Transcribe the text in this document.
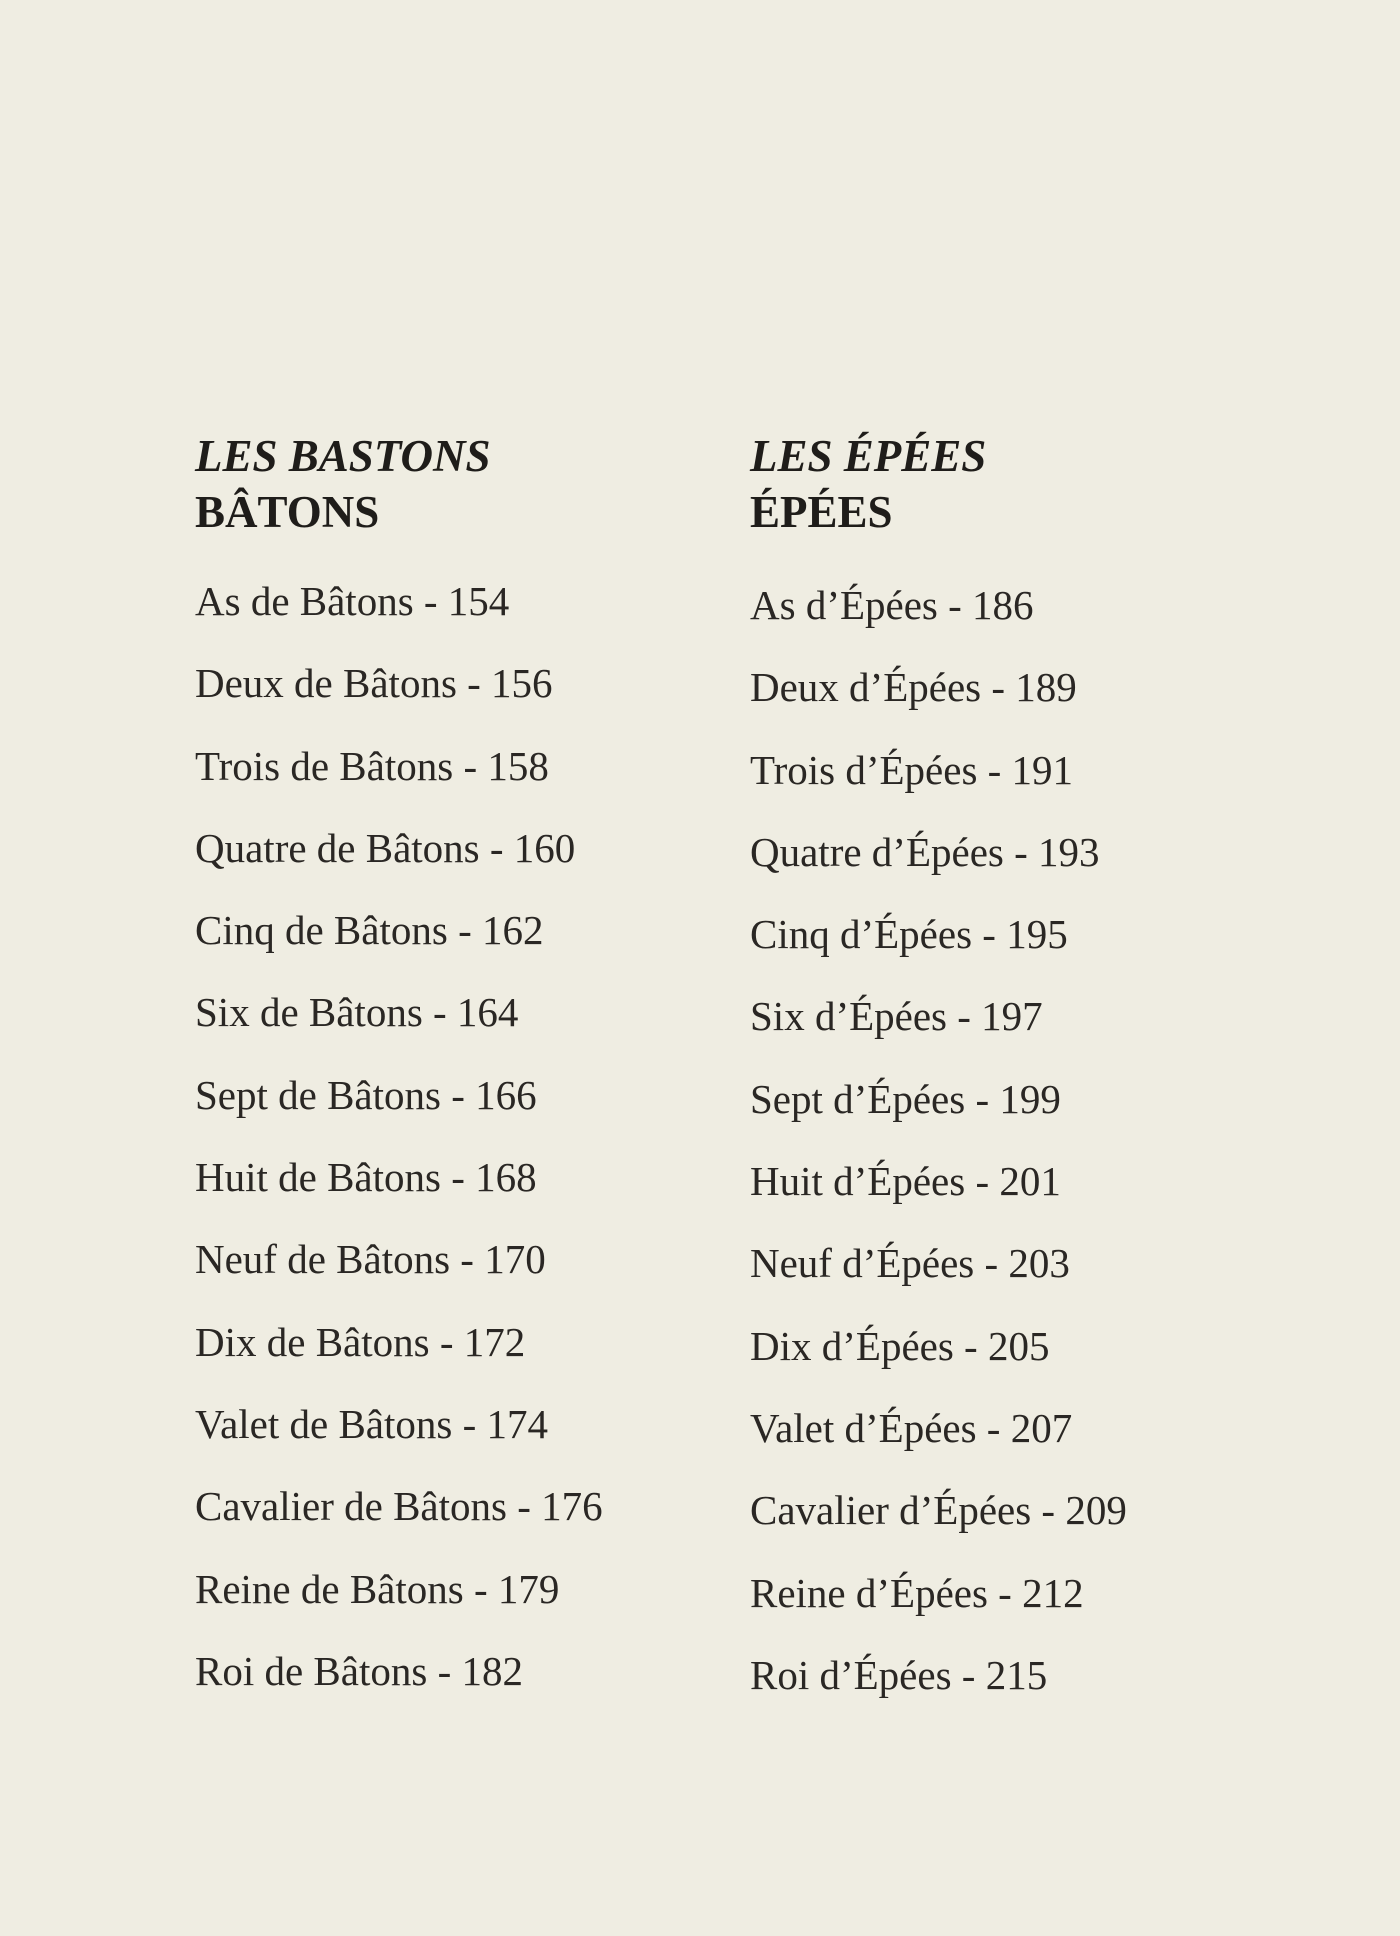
LES BASTONS
BÂTONS
As de Bâtons - 154
Deux de Bâtons - 156
Trois de Bâtons - 158
Quatre de Bâtons - 160
Cinq de Bâtons - 162
Six de Bâtons - 164
Sept de Bâtons - 166
Huit de Bâtons - 168
Neuf de Bâtons - 170
Dix de Bâtons - 172
Valet de Bâtons - 174
Cavalier de Bâtons - 176
Reine de Bâtons - 179
Roi de Bâtons - 182
LES ÉPÉES
ÉPÉES
As d’Épées - 186
Deux d’Épées - 189
Trois d’Épées - 191
Quatre d’Épées - 193
Cinq d’Épées - 195
Six d’Épées - 197
Sept d’Épées - 199
Huit d’Épées - 201
Neuf d’Épées - 203
Dix d’Épées - 205
Valet d’Épées - 207
Cavalier d’Épées - 209
Reine d’Épées - 212
Roi d’Épées - 215
